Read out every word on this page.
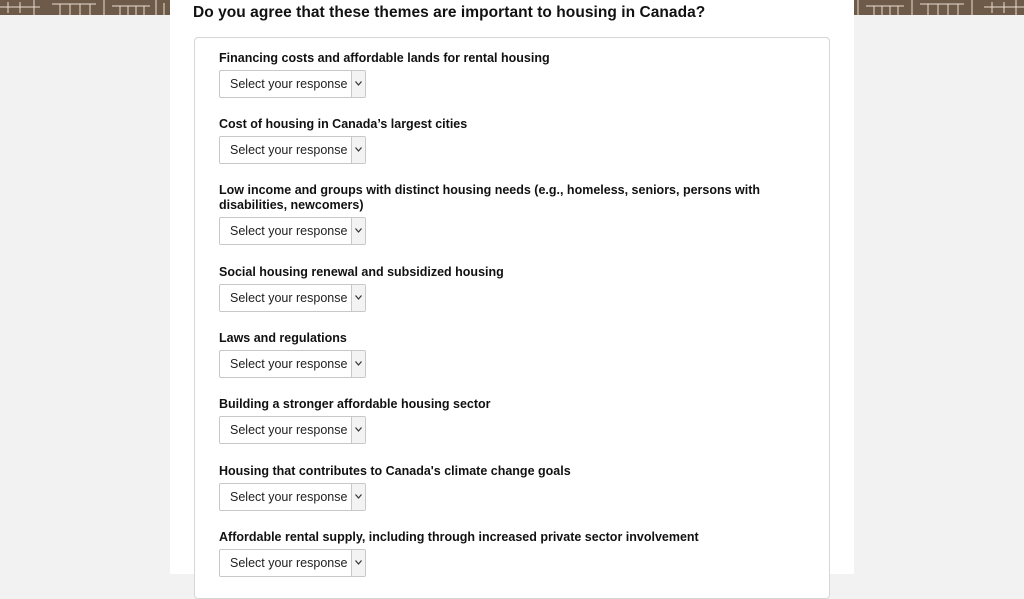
Do you agree that these themes are important to housing in Canada?
Financing costs and affordable lands for rental housing
Select your response
Cost of housing in Canada’s largest cities
Select your response
Low income and groups with distinct housing needs (e.g., homeless, seniors, persons with disabilities, newcomers)
Select your response
Social housing renewal and subsidized housing
Select your response
Laws and regulations
Select your response
Building a stronger affordable housing sector
Select your response
Housing that contributes to Canada's climate change goals
Select your response
Affordable rental supply, including through increased private sector involvement
Select your response
